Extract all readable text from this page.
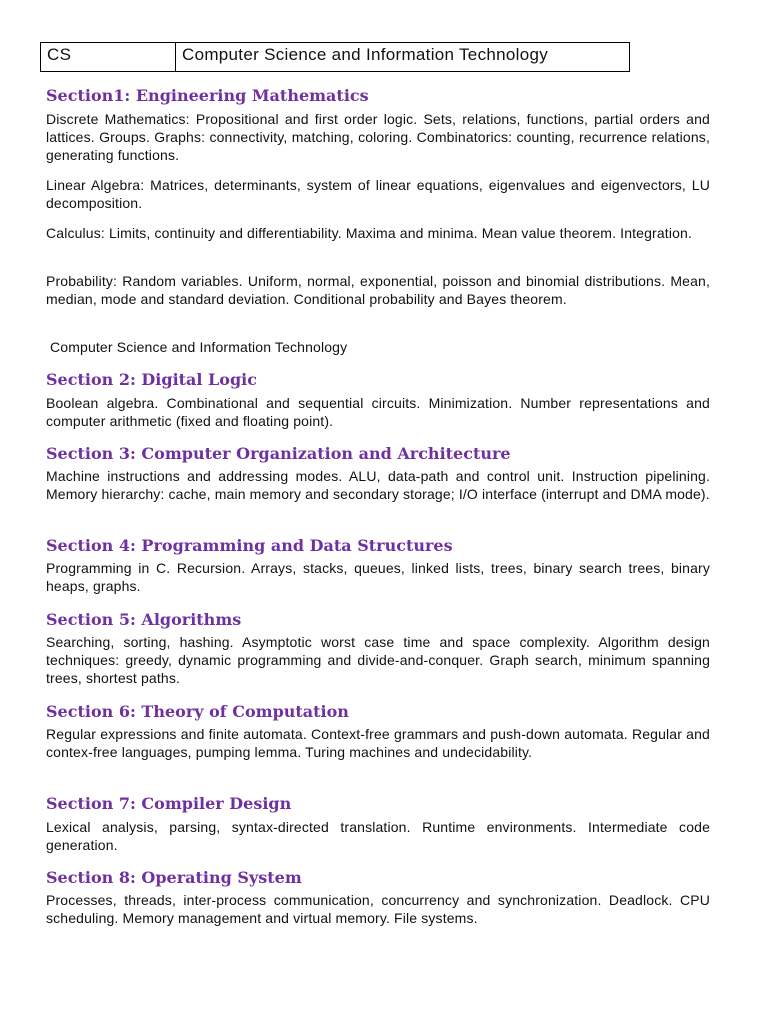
CS	Computer Science and Information Technology
Section1: Engineering Mathematics

Discrete Mathematics: Propositional and first order logic. Sets, relations, functions, partial orders and lattices. Groups. Graphs: connectivity, matching, coloring. Combinatorics: counting, recurrence relations, generating functions.

Linear Algebra: Matrices, determinants, system of linear equations, eigenvalues and eigenvectors, LU decomposition.

Calculus: Limits, continuity and differentiability. Maxima and minima. Mean value theorem. Integration.

Probability: Random variables. Uniform, normal, exponential, poisson and binomial distributions. Mean, median, mode and standard deviation. Conditional probability and Bayes theorem.

Computer Science and Information Technology

Section 2: Digital Logic

Boolean algebra. Combinational and sequential circuits. Minimization. Number representations and computer arithmetic (fixed and floating point).

Section 3: Computer Organization and Architecture

Machine instructions and addressing modes. ALU, data-path and control unit. Instruction pipelining. Memory hierarchy: cache, main memory and secondary storage; I/O interface (interrupt and DMA mode).

Section 4: Programming and Data Structures

Programming in C. Recursion. Arrays, stacks, queues, linked lists, trees, binary search trees, binary heaps, graphs.

Section 5: Algorithms

Searching, sorting, hashing. Asymptotic worst case time and space complexity. Algorithm design techniques: greedy, dynamic programming and divide-and-conquer. Graph search, minimum spanning trees, shortest paths.

Section 6: Theory of Computation

Regular expressions and finite automata. Context-free grammars and push-down automata. Regular and contex-free languages, pumping lemma. Turing machines and undecidability.

Section 7: Compiler Design

Lexical analysis, parsing, syntax-directed translation. Runtime environments. Intermediate code generation.

Section 8: Operating System

Processes, threads, inter-process communication, concurrency and synchronization. Deadlock. CPU scheduling. Memory management and virtual memory. File systems.
